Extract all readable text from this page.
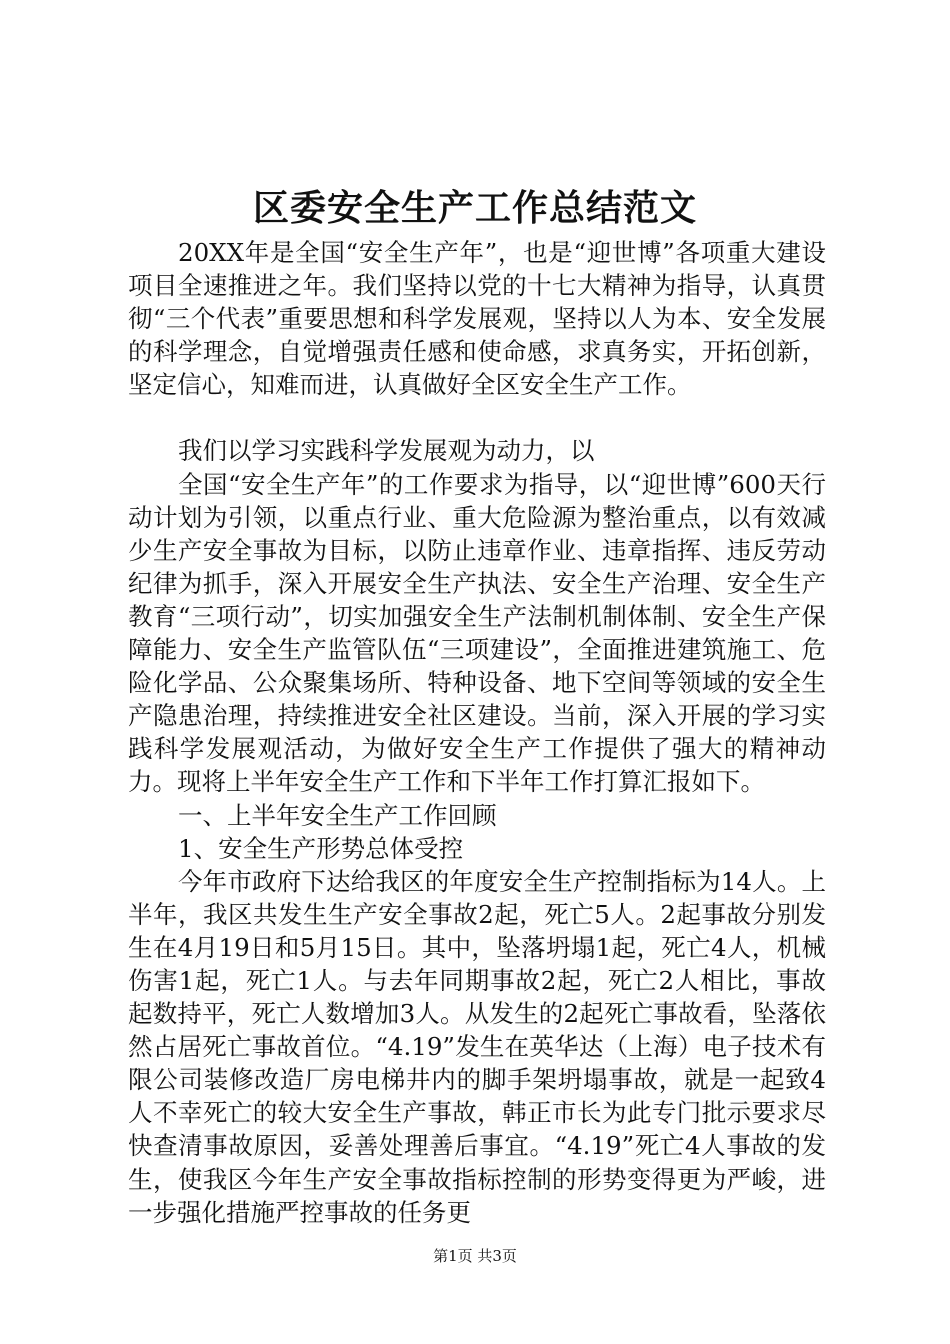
区委安全生产工作总结范文

20XX年是全国“安全生产年”，也是“迎世博”各项重大建设项目全速推进之年。我们坚持以党的十七大精神为指导，认真贯彻“三个代表”重要思想和科学发展观，坚持以人为本、安全发展的科学理念，自觉增强责任感和使命感，求真务实，开拓创新，坚定信心，知难而进，认真做好全区安全生产工作。

我们以学习实践科学发展观为动力，以

全国“安全生产年”的工作要求为指导，以“迎世博”600天行动计划为引领，以重点行业、重大危险源为整治重点，以有效减少生产安全事故为目标，以防止违章作业、违章指挥、违反劳动纪律为抓手，深入开展安全生产执法、安全生产治理、安全生产教育“三项行动”，切实加强安全生产法制机制体制、安全生产保障能力、安全生产监管队伍“三项建设”，全面推进建筑施工、危险化学品、公众聚集场所、特种设备、地下空间等领域的安全生产隐患治理，持续推进安全社区建设。当前，深入开展的学习实践科学发展观活动，为做好安全生产工作提供了强大的精神动力。现将上半年安全生产工作和下半年工作打算汇报如下。

一、上半年安全生产工作回顾

1、安全生产形势总体受控

今年市政府下达给我区的年度安全生产控制指标为14人。上半年，我区共发生生产安全事故2起，死亡5人。2起事故分别发生在4月19日和5月15日。其中，坠落坍塌1起，死亡4人，机械伤害1起，死亡1人。与去年同期事故2起，死亡2人相比，事故起数持平，死亡人数增加3人。从发生的2起死亡事故看，坠落依然占居死亡事故首位。“4.19”发生在英华达（上海）电子技术有限公司装修改造厂房电梯井内的脚手架坍塌事故，就是一起致4人不幸死亡的较大安全生产事故，韩正市长为此专门批示要求尽快查清事故原因，妥善处理善后事宜。“4.19”死亡4人事故的发生，使我区今年生产安全事故指标控制的形势变得更为严峻，进一步强化措施严控事故的任务更

第1页 共3页
